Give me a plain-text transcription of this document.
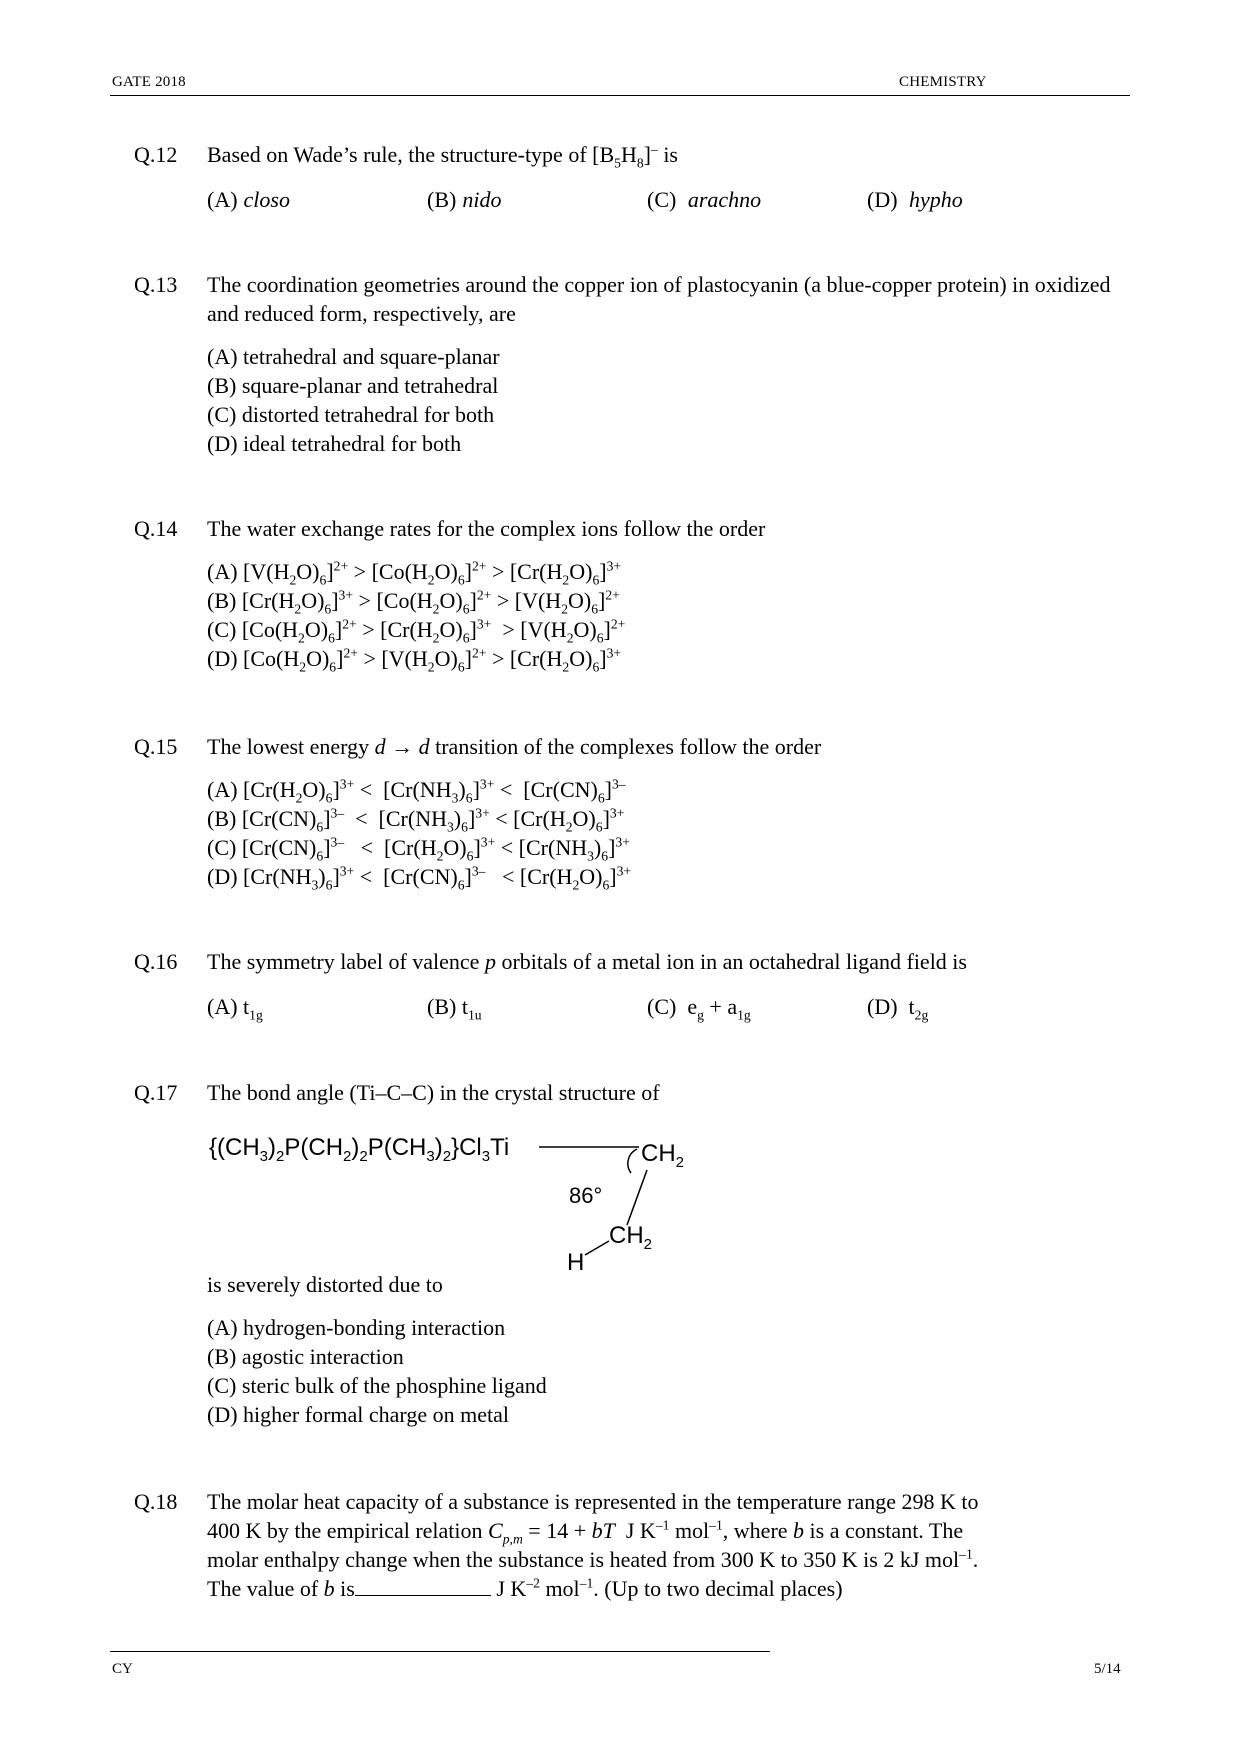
GATE 2018	CHEMISTRY
Q.12 Based on Wade’s rule, the structure-type of $[B_5H_8]^-$ is
(A) closo	(B) nido	(C) arachno	(D) hypho
Q.13 The coordination geometries around the copper ion of plastocyanin (a blue-copper protein) in oxidized and reduced form, respectively, are
(A) tetrahedral and square-planar
(B) square-planar and tetrahedral
(C) distorted tetrahedral for both
(D) ideal tetrahedral for both
Q.14 The water exchange rates for the complex ions follow the order
(A) $[V(H_2O)_6]^{2+} > [Co(H_2O)_6]^{2+} > [Cr(H_2O)_6]^{3+}$
(B) $[Cr(H_2O)_6]^{3+} > [Co(H_2O)_6]^{2+} > [V(H_2O)_6]^{2+}$
(C) $[Co(H_2O)_6]^{2+} > [Cr(H_2O)_6]^{3+} > [V(H_2O)_6]^{2+}$
(D) $[Co(H_2O)_6]^{2+} > [V(H_2O)_6]^{2+} > [Cr(H_2O)_6]^{3+}$
Q.15 The lowest energy d → d transition of the complexes follow the order
(A) $[Cr(H_2O)_6]^{3+} < [Cr(NH_3)_6]^{3+} < [Cr(CN)_6]^{3-}$
(B) $[Cr(CN)_6]^{3-} < [Cr(NH_3)_6]^{3+} < [Cr(H_2O)_6]^{3+}$
(C) $[Cr(CN)_6]^{3-} < [Cr(H_2O)_6]^{3+} < [Cr(NH_3)_6]^{3+}$
(D) $[Cr(NH_3)_6]^{3+} < [Cr(CN)_6]^{3-} < [Cr(H_2O)_6]^{3+}$
Q.16 The symmetry label of valence p orbitals of a metal ion in an octahedral ligand field is
(A) $t_{1g}$	(B) $t_{1u}$	(C) $e_g + a_{1g}$	(D) $t_{2g}$
Q.17 The bond angle (Ti–C–C) in the crystal structure of
$\{(CH_3)_2P(CH_2)_2P(CH_3)_2\}Cl_3Ti$	$CH_2$
86°
$CH_2$
H
is severely distorted due to
(A) hydrogen-bonding interaction
(B) agostic interaction
(C) steric bulk of the phosphine ligand
(D) higher formal charge on metal
Q.18 The molar heat capacity of a substance is represented in the temperature range 298 K to
400 K by the empirical relation $C_{p,m} = 14$ + bT J $K^{-1}$ mol$^{-1}$, where b is a constant. The
molar enthalpy change when the substance is heated from 300 K to 350 K is 2 kJ mol$^{-1}$.
The value of b is	J $K^{-2}$ mol$^{-1}$. (Up to two decimal places)
CY	5/14
